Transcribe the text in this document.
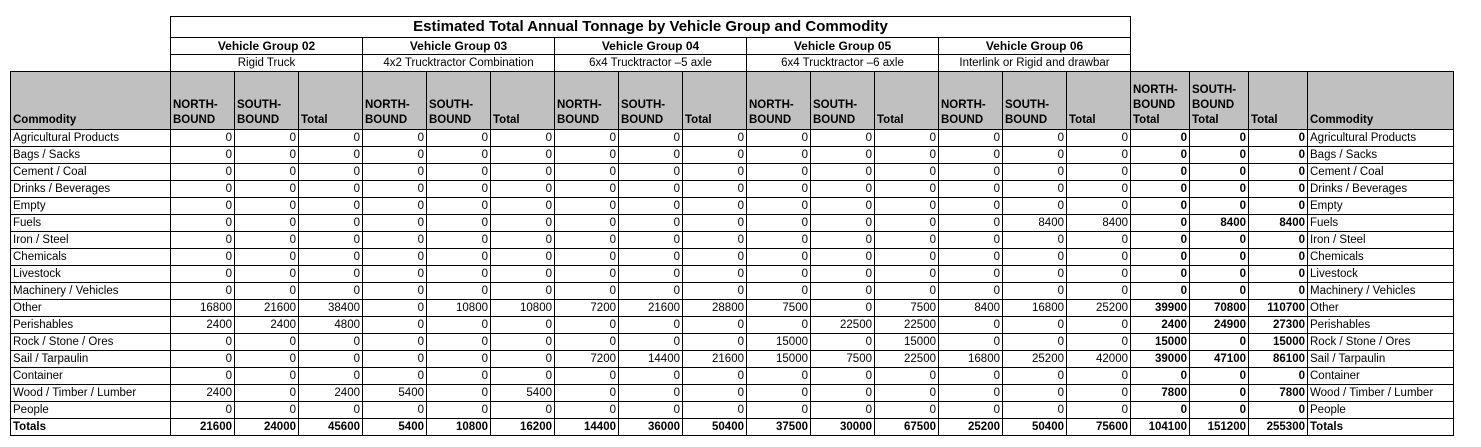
	Estimated Total Annual Tonnage by Vehicle Group and Commodity																		
	Vehicle Group 02			Vehicle Group 03			Vehicle Group 04			Vehicle Group 05			Vehicle Group 06						
	Rigid Truck			4x2 Trucktractor Combination			6x4 Trucktractor –5 axle			6x4 Trucktractor –6 axle			Interlink or Rigid and drawbar						
Commodity	NORTH-BOUND	SOUTH-BOUND	Total	NORTH-BOUND	SOUTH-BOUND	Total	NORTH-BOUND	SOUTH-BOUND	Total	NORTH-BOUND	SOUTH-BOUND	Total	NORTH-BOUND	SOUTH-BOUND	Total	NORTH-BOUND Total	SOUTH-BOUND Total	Total	Commodity
Agricultural Products	0	0	0	0	0	0	0	0	0	0	0	0	0	0	0	0	0	0	Agricultural Products
Bags / Sacks	0	0	0	0	0	0	0	0	0	0	0	0	0	0	0	0	0	0	Bags / Sacks
Cement / Coal	0	0	0	0	0	0	0	0	0	0	0	0	0	0	0	0	0	0	Cement / Coal
Drinks / Beverages	0	0	0	0	0	0	0	0	0	0	0	0	0	0	0	0	0	0	Drinks / Beverages
Empty	0	0	0	0	0	0	0	0	0	0	0	0	0	0	0	0	0	0	Empty
Fuels	0	0	0	0	0	0	0	0	0	0	0	0	0	8400	8400	0	8400	8400	Fuels
Iron / Steel	0	0	0	0	0	0	0	0	0	0	0	0	0	0	0	0	0	0	Iron / Steel
Chemicals	0	0	0	0	0	0	0	0	0	0	0	0	0	0	0	0	0	0	Chemicals
Livestock	0	0	0	0	0	0	0	0	0	0	0	0	0	0	0	0	0	0	Livestock
Machinery / Vehicles	0	0	0	0	0	0	0	0	0	0	0	0	0	0	0	0	0	0	Machinery / Vehicles
Other	16800	21600	38400	0	10800	10800	7200	21600	28800	7500	0	7500	8400	16800	25200	39900	70800	110700	Other
Perishables	2400	2400	4800	0	0	0	0	0	0	0	22500	22500	0	0	0	2400	24900	27300	Perishables
Rock / Stone / Ores	0	0	0	0	0	0	0	0	0	15000	0	15000	0	0	0	15000	0	15000	Rock / Stone / Ores
Sail / Tarpaulin	0	0	0	0	0	0	7200	14400	21600	15000	7500	22500	16800	25200	42000	39000	47100	86100	Sail / Tarpaulin
Container	0	0	0	0	0	0	0	0	0	0	0	0	0	0	0	0	0	0	Container
Wood / Timber / Lumber	2400	0	2400	5400	0	5400	0	0	0	0	0	0	0	0	0	7800	0	7800	Wood / Timber / Lumber
People	0	0	0	0	0	0	0	0	0	0	0	0	0	0	0	0	0	0	People
Totals	21600	24000	45600	5400	10800	16200	14400	36000	50400	37500	30000	67500	25200	50400	75600	104100	151200	255300	Totals
